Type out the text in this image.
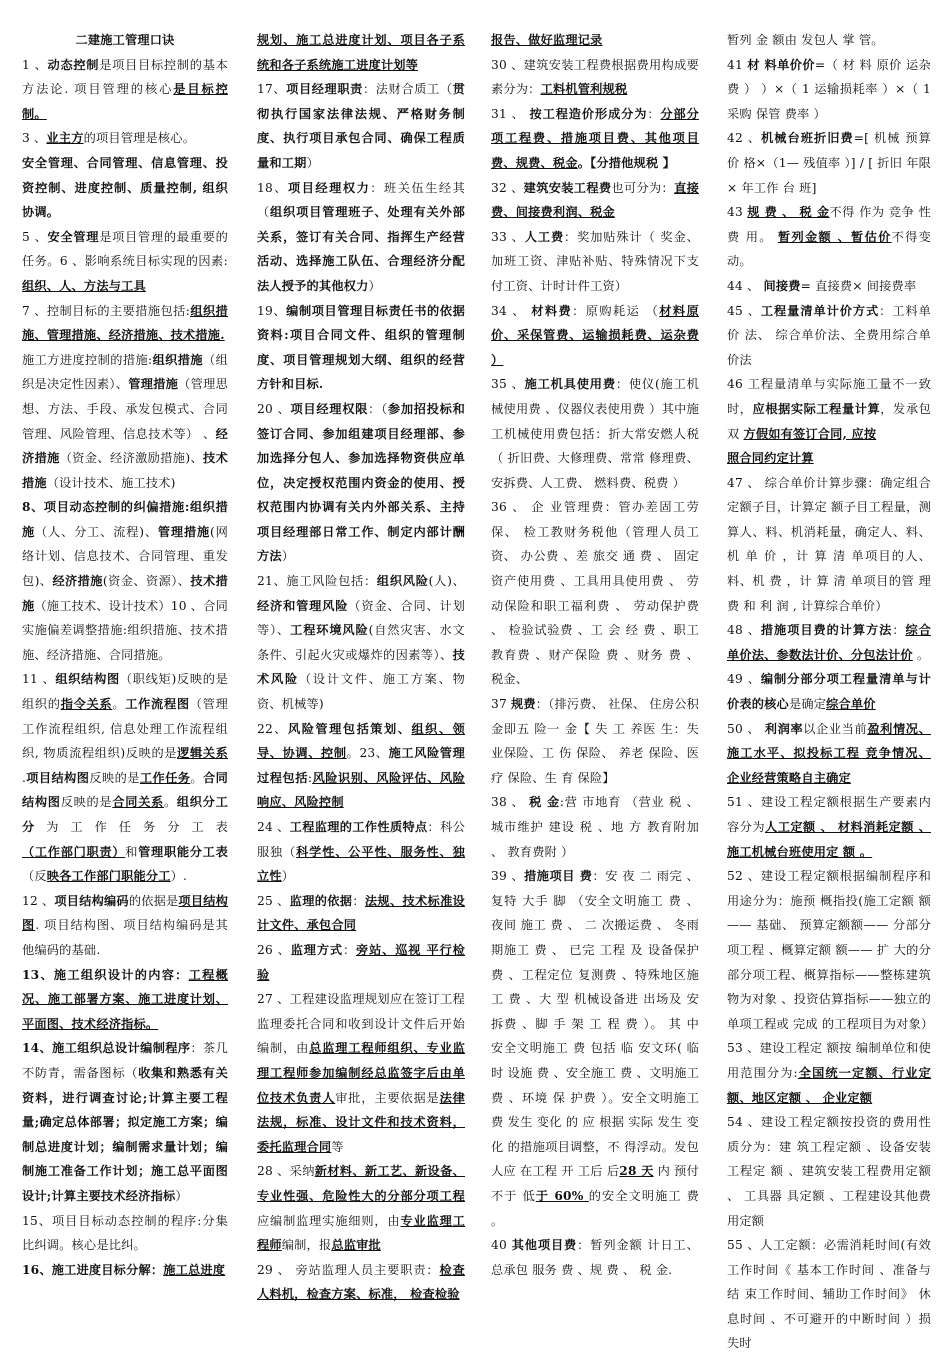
二建施工管理口诀

1 、动态控制是项目目标控制的基本方法论. 项目管理的核心是目标控制。

3 、业主方的项目管理是核心。

安全管理、合同管理、信息管理、投资控制、进度控制、质量控制, 组织协调。

5 、安全管理是项目管理的最重要的任务。6 、影响系统目标实现的因素:组织、人、方法与工具

7 、控制目标的主要措施包括:组织措施、管理措施、经济措施、技术措施.

施工方进度控制的措施:组织措施（组织是决定性因素）、管理措施（管理思想、方法、手段、承发包模式、合同管理、风险管理、信息技术等） 、经济措施（资金、经济激励措施)、技术措施（设计技术、施工技术)

8、项目动态控制的纠偏措施:组织措施（人、分工、流程)、管理措施(网络计划、信息技术、合同管理、重发包)、经济措施(资金、资源）、技术措施（施工技术、设计技术）10 、合同实施偏差调整措施:组织措施、技术措施、经济措施、合同措施。

11 、组织结构图（职线矩)反映的是组织的指令关系。工作流程图（管理工作流程组织, 信息处理工作流程组织, 物质流程组织)反映的是逻辑关系 .项目结构图反映的是工作任务。合同结构图反映的是合同关系。组织分工分为工作任务分工表（工作部门职责）和管理职能分工表（反映各工作部门职能分工）.

12 、项目结构编码的依据是项目结构图. 项目结构图、项目结构编码是其他编码的基础.

13、施工组织设计的内容：工程概况、施工部署方案、施工进度计划、平面图、技术经济指标。

14、施工组织总设计编制程序：茶几不防青，需备图标（收集和熟悉有关资料，进行调查讨论;计算主要工程量;确定总体部署；拟定施工方案；编制总进度计划；编制需求量计划；编制施工准备工作计划；施工总平面图设计;计算主要技术经济指标）

15、项目目标动态控制的程序:分集比纠调。核心是比纠。

16、施工进度目标分解：施工总进度

规划、施工总进度计划、项目各子系统和各子系统施工进度计划等

17、项目经理职责：法财合质工（贯彻执行国家法律法规、严格财务制度、执行项目承包合同、确保工程质量和工期）

18、项目经理权力：班关伍生经其（组织项目管理班子、处理有关外部关系，签订有关合同、指挥生产经营活动、选择施工队伍、合理经济分配法人授予的其他权力）

19、编制项目管理目标责任书的依据资料:项目合同文件、组织的管理制度、项目管理规划大纲、组织的经营方针和目标.

20 、项目经理权限：（参加招投标和签订合同、参加组建项目经理部、参加选择分包人、参加选择物资供应单位，决定授权范围内资金的使用、授权范围内协调有关内外部关系、主持项目经理部日常工作、制定内部计酬方法）

21、施工风险包括：组织风险(人)、经济和管理风险（资金、合同、计划等）、工程环境风险(自然灾害、水文条件、引起火灾或爆炸的因素等）、技术风险（设计文件、施工方案、物资、机械等)

22、风险管理包括策划、组织、领导、协调、控制。23、施工风险管理过程包括:风险识别、风险评估、风险响应、风险控制

24 、工程监理的工作性质特点：科公服独（科学性、公平性、服务性、独立性）

25 、监理的依据：法规、技术标准设计文件、承包合同

26 、监理方式：旁站、巡视 平行检验

27 、工程建设监理规划应在签订工程监理委托合同和收到设计文件后开始编制，由总监理工程师组织、专业监理工程师参加编制经总监签字后由单位技术负责人审批，主要依据是法律法规，标准、设计文件和技术资料，委托监理合同等

28 、采纳新材料、新工艺、新设备、专业性强、危险性大的分部分项工程应编制监理实施细则，由专业监理工程师编制，报总监审批

29 、 旁站监理人员主要职责：检查人料机，检查方案、标准， 检查检验

报告、做好监理记录

30 、建筑安装工程费根据费用构成要素分为：工料机管利规税

31 、 按工程造价形成分为：分部分项工程费、措施项目费、其他项目费、规费、税金。【分措他规税 】

32 、建筑安装工程费也可分为：直接费、间接费利润、税金

33 、人工费：奖加贴殊计（ 奖金、加班工资、津贴补贴、特殊情况下支付工资、计时计件工资）

34 、 材料费：原购耗运 （材料原价、采保管费、运输损耗费、运杂费 ）

35 、施工机具使用费：使仪(施工机械使用费 、仪器仪表使用费 ）其中施工机械使用费包括：折大常安燃人税（ 折旧费、大修理费、常常 修理费、安拆费、人工费、 燃料费、税费 ）

36 、 企 业管理费：管办差固工劳保、 检工教财务税他（管理人员工资、 办公费 、差 旅交 通 费 、 固定资产使用费 、工具用具使用费 、 劳 动保险和职工福利费 、 劳动保护费 、 检验试验费 、工 会 经 费 、职工教育费 、财产保险 费 、财务 费 、 税金、

37 规费：（排污费、 社保、 住房公积金即五 险一 金【 失 工 养医 生：失 业保险、工 伤 保险、 养老 保险、医疗 保险、生 育 保险】

38 、 税 金:营 市地育 （营业 税 、 城市维护 建设 税 、地 方 教育附加 、 教育费附 ）

39 、措施项目 费：安 夜 二 雨完 、 复特 大手 脚 （安全文明施工 费 、 夜间 施工 费 、 二 次搬运费 、 冬雨期施工 费 、 已完 工程 及 设备保护费 、工程定位 复测费 、特殊地区施工 费 、大 型 机械设备进 出场及 安 拆费 、脚 手 架 工 程 费 ）。 其 中 安全文明施工 费 包括 临 安文环( 临时 设施 费 、安全施工 费 、文明施工 费 、环境 保 护费 ）。安全文明施工 费 发生 变化 的 应 根据 实际 发生 变化 的措施项目调整，不 得浮动。发包人应 在工程 开 工后 后28 天 内 预付 不于 低于 60% 的安全文明施工 费 。

40 其他项目费：暂列金额 计日工、总承包 服务 费 、规 费 、 税 金.

暂列 金 额由 发包人 掌 管。

41 材 料单价价=（ 材 料 原价 运杂费 ） ）×（ 1 运输损耗率 ）×（ 1 采购 保管 费率 ）

42 、机械台班折旧费=[ 机械 预算 价 格×（1— 残值率 ）] / [ 折旧 年限× 年工作 台 班]

43 规 费 、 税 金不得 作为 竞争 性 费 用。 暂列金额 、暂估价不得变动。

44 、 间接费= 直接费× 间接费率

45 、工程量清单计价方式：工料单价 法、 综合单价法、全费用综合单价法

46 工程量清单与实际施工量不一致时，应根据实际工程量计算，发承包双 方假如有签订合同, 应按

照合同约定计算

47 、 综合单价计算步骤：确定组合定额子目，计算定 额子目工程量，测算人、料、机消耗量，确定人、料、机 单 价 ，计 算 清 单项目的人、料、机 费 ，计 算 清 单项目的管 理 费 和 利 润 , 计算综合单价）

48 、措施项目费的计算方法：综合单价法、参数法计价、分包法计价 。

49 、编制分部分项工程量清单与计价表的核心是确定综合单价

50 、 利润率以企业当前盈利情况、施工水平、拟投标工程 竞争情况、 企业经营策略自主确定

51 、建设工程定额根据生产要素内容分为人工定额 、 材料消耗定额 、施工机械台班使用定 额 。

52 、建设工程定额根据编制程序和用途分为：施预 概指投(施工定额 额—— 基础、 预算定额额—— 分部分项工程 、概算定额 额—— 扩 大的分部分项工程、概算指标——整栋建筑物为对象 、投资估算指标——独立的单项工程或 完成 的工程项目为对象）

53 、建设工程定 额按 编制单位和使用范围分为:全国统一定额、行业定额、地区定额 、 企业定额

54 、建设工程定额按投资的费用性质分为：建 筑工程定额 、设备安装工程定 额 、建筑安装工程费用定额 、 工具器 具定额 、工程建设其他费用定额

55 、人工定额：必需消耗时间(有效工作时间《 基本工作时间 、准备与结 束工作时间、辅助工作时间》 休息时间 、不可避开的中断时间 ）损失时
